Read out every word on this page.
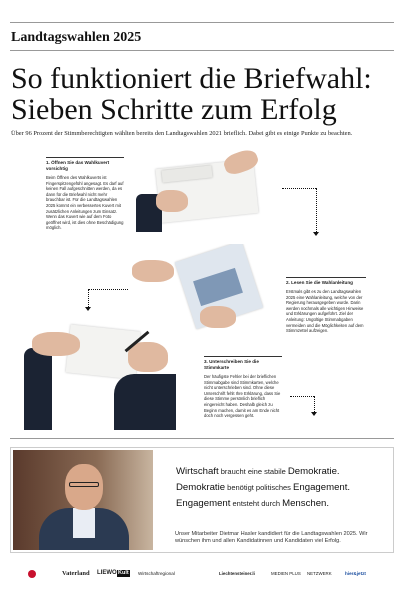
Landtagswahlen 2025
So funktioniert die Briefwahl:
Sieben Schritte zum Erfolg
Über 96 Prozent der Stimmberechtigten wählten bereits den Landtagswahlen 2021 brieflich. Dabei gibt es einige Punkte zu beachten.
1. Öffnen Sie das Wahlkuvert vorsichtig
Beim Öffnen des Wahlkuverts ist Fingerspitzengefühl angesagt. Es darf auf keinen Fall aufgeschnitten werden, da es dann für die Briefwahl nicht mehr brauchbar ist. Für die Landtagswahlen 2025 kommt ein verbessertes Kuvert mit zusätzlichen Anleitungen zum Einsatz. Wenn das Kuvert wie auf dem Foto geöffnet wird, ist dies ohne Beschädigung möglich.
2. Lesen Sie die Wahlanleitung
Erstmals gibt es zu den Landtagswahlen 2025 eine Wahlanleitung, welche von der Regierung herausgegeben wurde. Darin werden nochmals alle wichtigen Hinweise und Erklärungen aufgeführt. Ziel der Anleitung: Ungültige Stimmabgaben vermeiden und die Möglichkeiten auf dem Stimmzettel aufzeigen.
3. Unterschreiben Sie die Stimmkarte
Der häufigste Fehler bei der brieflichen Stimmabgabe sind Stimmkarten, welche nicht unterschrieben sind. Ohne diese Unterschrift fehlt Ihre Erklärung, dass Sie diese Stimme persönlich brieflich eingereicht haben. Deshalb gleich zu Beginn machen, damit es am Ende nicht doch noch vergessen geht.
Wirtschaft braucht eine stabile Demokratie.
Demokratie benötigt politisches Engagement.
Engagement entsteht durch Menschen.
Unser Mitarbeiter Dietmar Hasler kandidiert für die Landtagswahlen 2025. Wir wünschen ihm und allen Kandidatinnen und Kandidaten viel Erfolg.
Vaterland LIEWO Kult Wirtschaftregional	Liechtensteiner.li	MEDIEN PLUS NETZWERK	hier&jetzt
